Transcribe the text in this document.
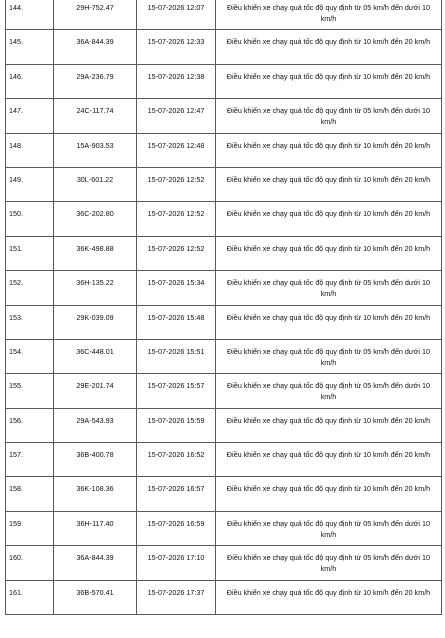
144.	29H-752.47	15-07-2026 12:07	Điều khiển xe chạy quá tốc độ quy định từ 05 km/h đến dưới 10 km/h
145.	36A-844.39	15-07-2026 12:33	Điều khiển xe chạy quá tốc độ quy định từ 10 km/h đến 20 km/h
146.	29A-236.79	15-07-2026 12:38	Điều khiển xe chạy quá tốc độ quy định từ 10 km/h đến 20 km/h
147.	24C-117.74	15-07-2026 12:47	Điều khiển xe chạy quá tốc độ quy định từ 05 km/h đến dưới 10 km/h
148.	15A-903.53	15-07-2026 12:48	Điều khiển xe chạy quá tốc độ quy định từ 10 km/h đến 20 km/h
149.	30L-601.22	15-07-2026 12:52	Điều khiển xe chạy quá tốc độ quy định từ 10 km/h đến 20 km/h
150.	36C-202.80	15-07-2026 12:52	Điều khiển xe chạy quá tốc độ quy định từ 10 km/h đến 20 km/h
151.	36K-498.88	15-07-2026 12:52	Điều khiển xe chạy quá tốc độ quy định từ 10 km/h đến 20 km/h
152.	36H-135.22	15-07-2026 15:34	Điều khiển xe chạy quá tốc độ quy định từ 05 km/h đến dưới 10 km/h
153.	29K-039.09	15-07-2026 15:48	Điều khiển xe chạy quá tốc độ quy định từ 10 km/h đến 20 km/h
154.	36C-448.01	15-07-2026 15:51	Điều khiển xe chạy quá tốc độ quy định từ 05 km/h đến dưới 10 km/h
155.	29E-201.74	15-07-2026 15:57	Điều khiển xe chạy quá tốc độ quy định từ 05 km/h đến dưới 10 km/h
156.	29A-543.93	15-07-2026 15:59	Điều khiển xe chạy quá tốc độ quy định từ 10 km/h đến 20 km/h
157.	36B-400.78	15-07-2026 16:52	Điều khiển xe chạy quá tốc độ quy định từ 10 km/h đến 20 km/h
158.	36K-108.36	15-07-2026 16:57	Điều khiển xe chạy quá tốc độ quy định từ 10 km/h đến 20 km/h
159.	36H-117.40	15-07-2026 16:59	Điều khiển xe chạy quá tốc độ quy định từ 05 km/h đến dưới 10 km/h
160.	36A-844.39	15-07-2026 17:10	Điều khiển xe chạy quá tốc độ quy định từ 05 km/h đến dưới 10 km/h
161.	36B-570.41	15-07-2026 17:37	Điều khiển xe chạy quá tốc độ quy định từ 10 km/h đến 20 km/h
